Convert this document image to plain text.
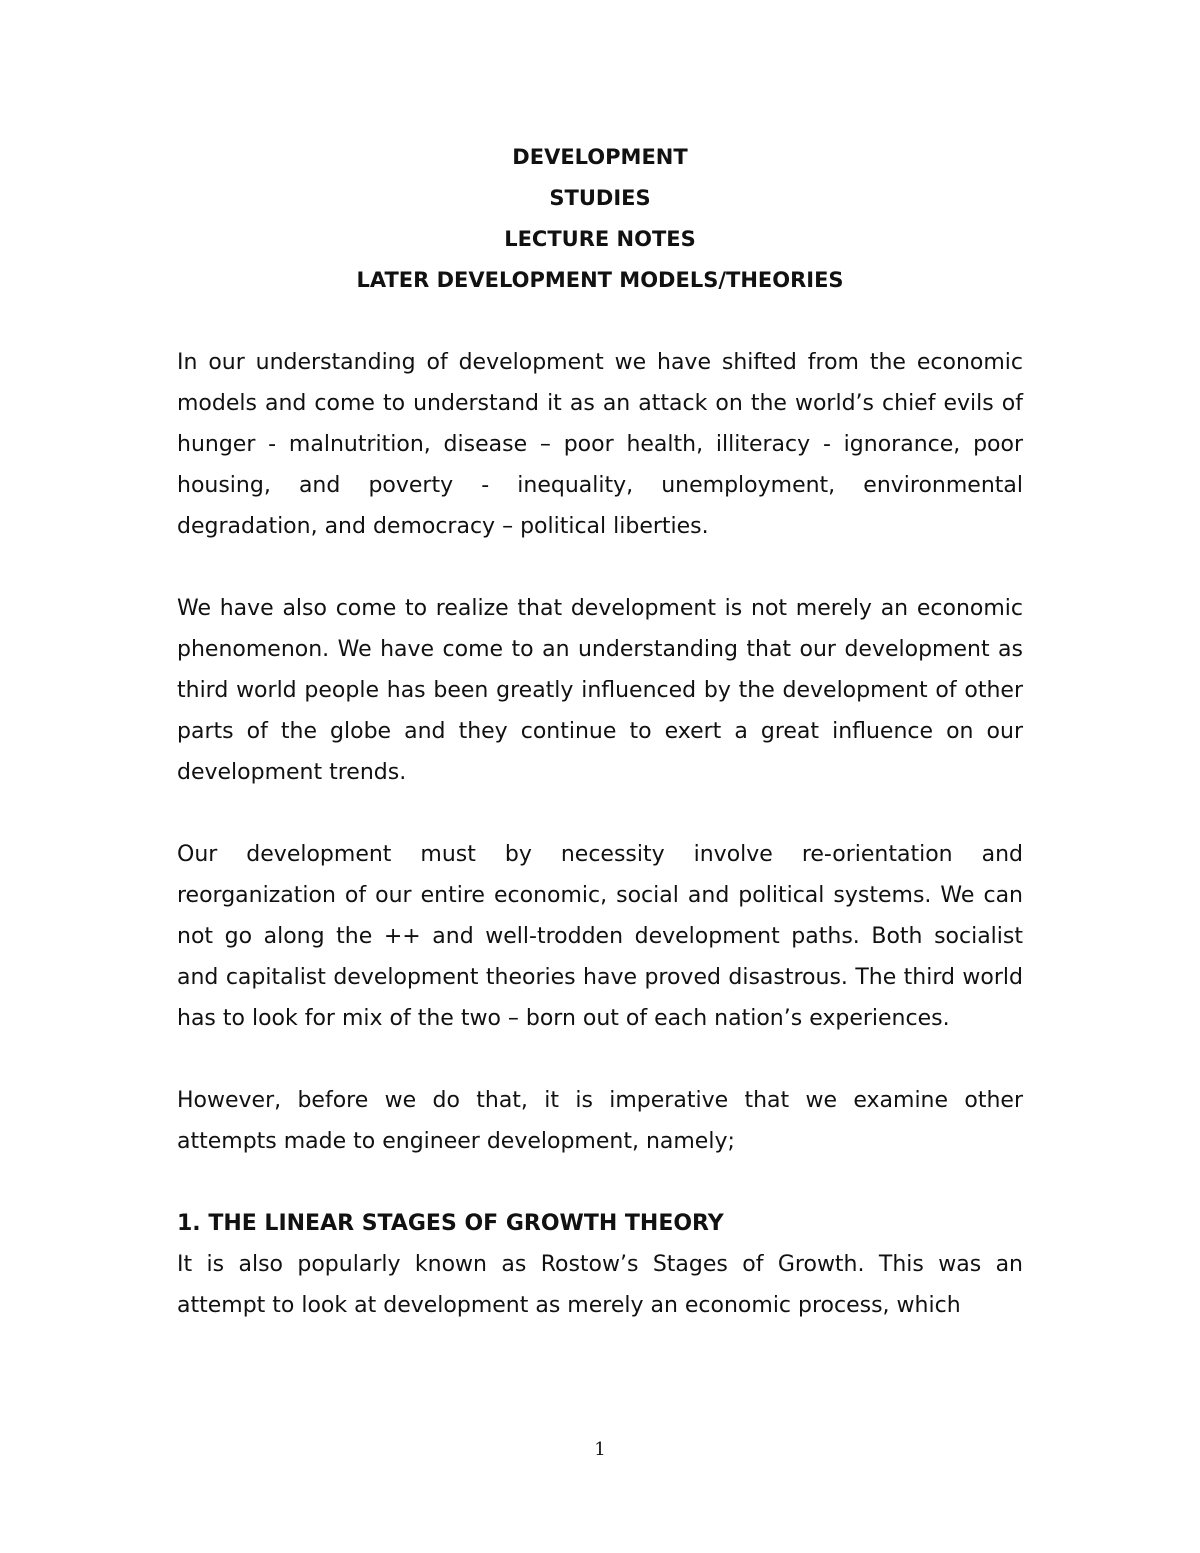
DEVELOPMENT
STUDIES
LECTURE NOTES
LATER DEVELOPMENT MODELS/THEORIES

In our understanding of development we have shifted from the economic models and come to understand it as an attack on the world’s chief evils of hunger - malnutrition, disease – poor health, illiteracy - ignorance, poor housing, and poverty - inequality, unemployment, environmental degradation, and democracy – political liberties.

We have also come to realize that development is not merely an economic phenomenon. We have come to an understanding that our development as third world people has been greatly influenced by the development of other parts of the globe and they continue to exert a great influence on our development trends.

Our development must by necessity involve re-orientation and reorganization of our entire economic, social and political systems. We can not go along the ++ and well-trodden development paths. Both socialist and capitalist development theories have proved disastrous. The third world has to look for mix of the two – born out of each nation’s experiences.

However, before we do that, it is imperative that we examine other attempts made to engineer development, namely;

1. THE LINEAR STAGES OF GROWTH THEORY

It is also popularly known as Rostow’s Stages of Growth. This was an attempt to look at development as merely an economic process, which

1
